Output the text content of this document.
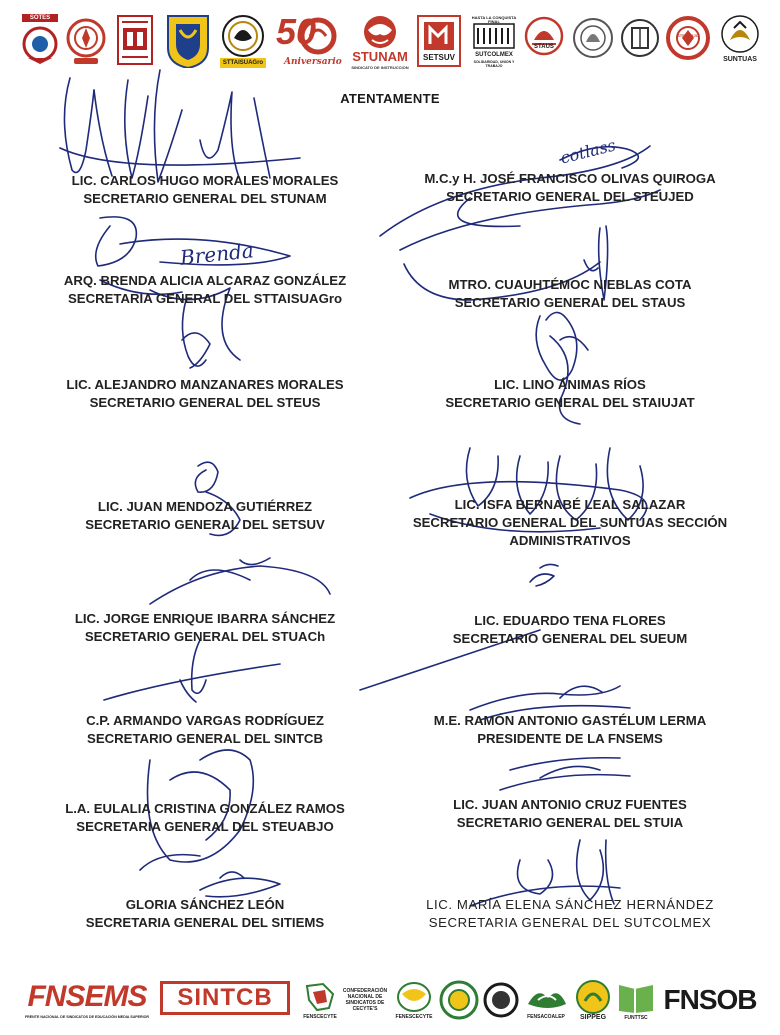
SOTES
STTAISUAGro
50
Aniversario STUNAM
SINDICATO DE INSTRUCCION
SETSUV
HASTA LA CONQUISTA FINAL
SUTCOLMEX
SOLIDARIDAD, UNION Y TRABAJO
STAUS
STEUABJO
SUNTUAS
ATENTAMENTE
Brenda
cotlass
LIC. CARLOS HUGO MORALES MORALES
SECRETARIO GENERAL DEL STUNAM
ARQ. BRENDA ALICIA ALCARAZ GONZÁLEZ
SECRETARIA GENERAL DEL STTAISUAGro
LIC. ALEJANDRO MANZANARES MORALES
SECRETARIO GENERAL DEL STEUS
LIC. JUAN MENDOZA GUTIÉRREZ
SECRETARIO GENERAL DEL SETSUV
LIC. JORGE ENRIQUE IBARRA SÁNCHEZ
SECRETARIO GENERAL DEL STUACh
C.P. ARMANDO VARGAS RODRÍGUEZ
SECRETARIO GENERAL DEL SINTCB
L.A. EULALIA CRISTINA GONZÁLEZ RAMOS
SECRETARIA GENERAL DEL STEUABJO
GLORIA SÁNCHEZ LEÓN
SECRETARIA GENERAL DEL SITIEMS
M.C.y H. JOSÉ FRANCISCO OLIVAS QUIROGA
SECRETARIO GENERAL DEL STEUJED
MTRO. CUAUHTÉMOC NIEBLAS COTA
SECRETARIO GENERAL DEL STAUS
LIC. LINO ÁNIMAS RÍOS
SECRETARIO GENERAL DEL STAIUJAT
LIC. ISFA BERNABÉ LEAL SALAZAR
SECRETARIO GENERAL DEL SUNTUAS SECCIÓN
ADMINISTRATIVOS
LIC. EDUARDO TENA FLORES
SECRETARIO GENERAL DEL SUEUM
M.E. RAMÓN ANTONIO GASTÉLUM LERMA
PRESIDENTE DE LA FNSEMS
LIC. JUAN ANTONIO CRUZ FUENTES
SECRETARIO GENERAL DEL STUIA
LIC. MARÍA ELENA SÁNCHEZ HERNÁNDEZ
SECRETARIA GENERAL DEL SUTCOLMEX
FNSEMS
FRENTE NACIONAL DE SINDICATOS DE EDUCACIÓN MEDIA SUPERIOR
SINTCB
FENSCECYTE
CONFEDERACIÓN NACIONAL DE SINDICATOS DE CECYTE'S
FENESCECYTE	FENSACOALEP SIPPEG	FUNTTSC
FNSOB
